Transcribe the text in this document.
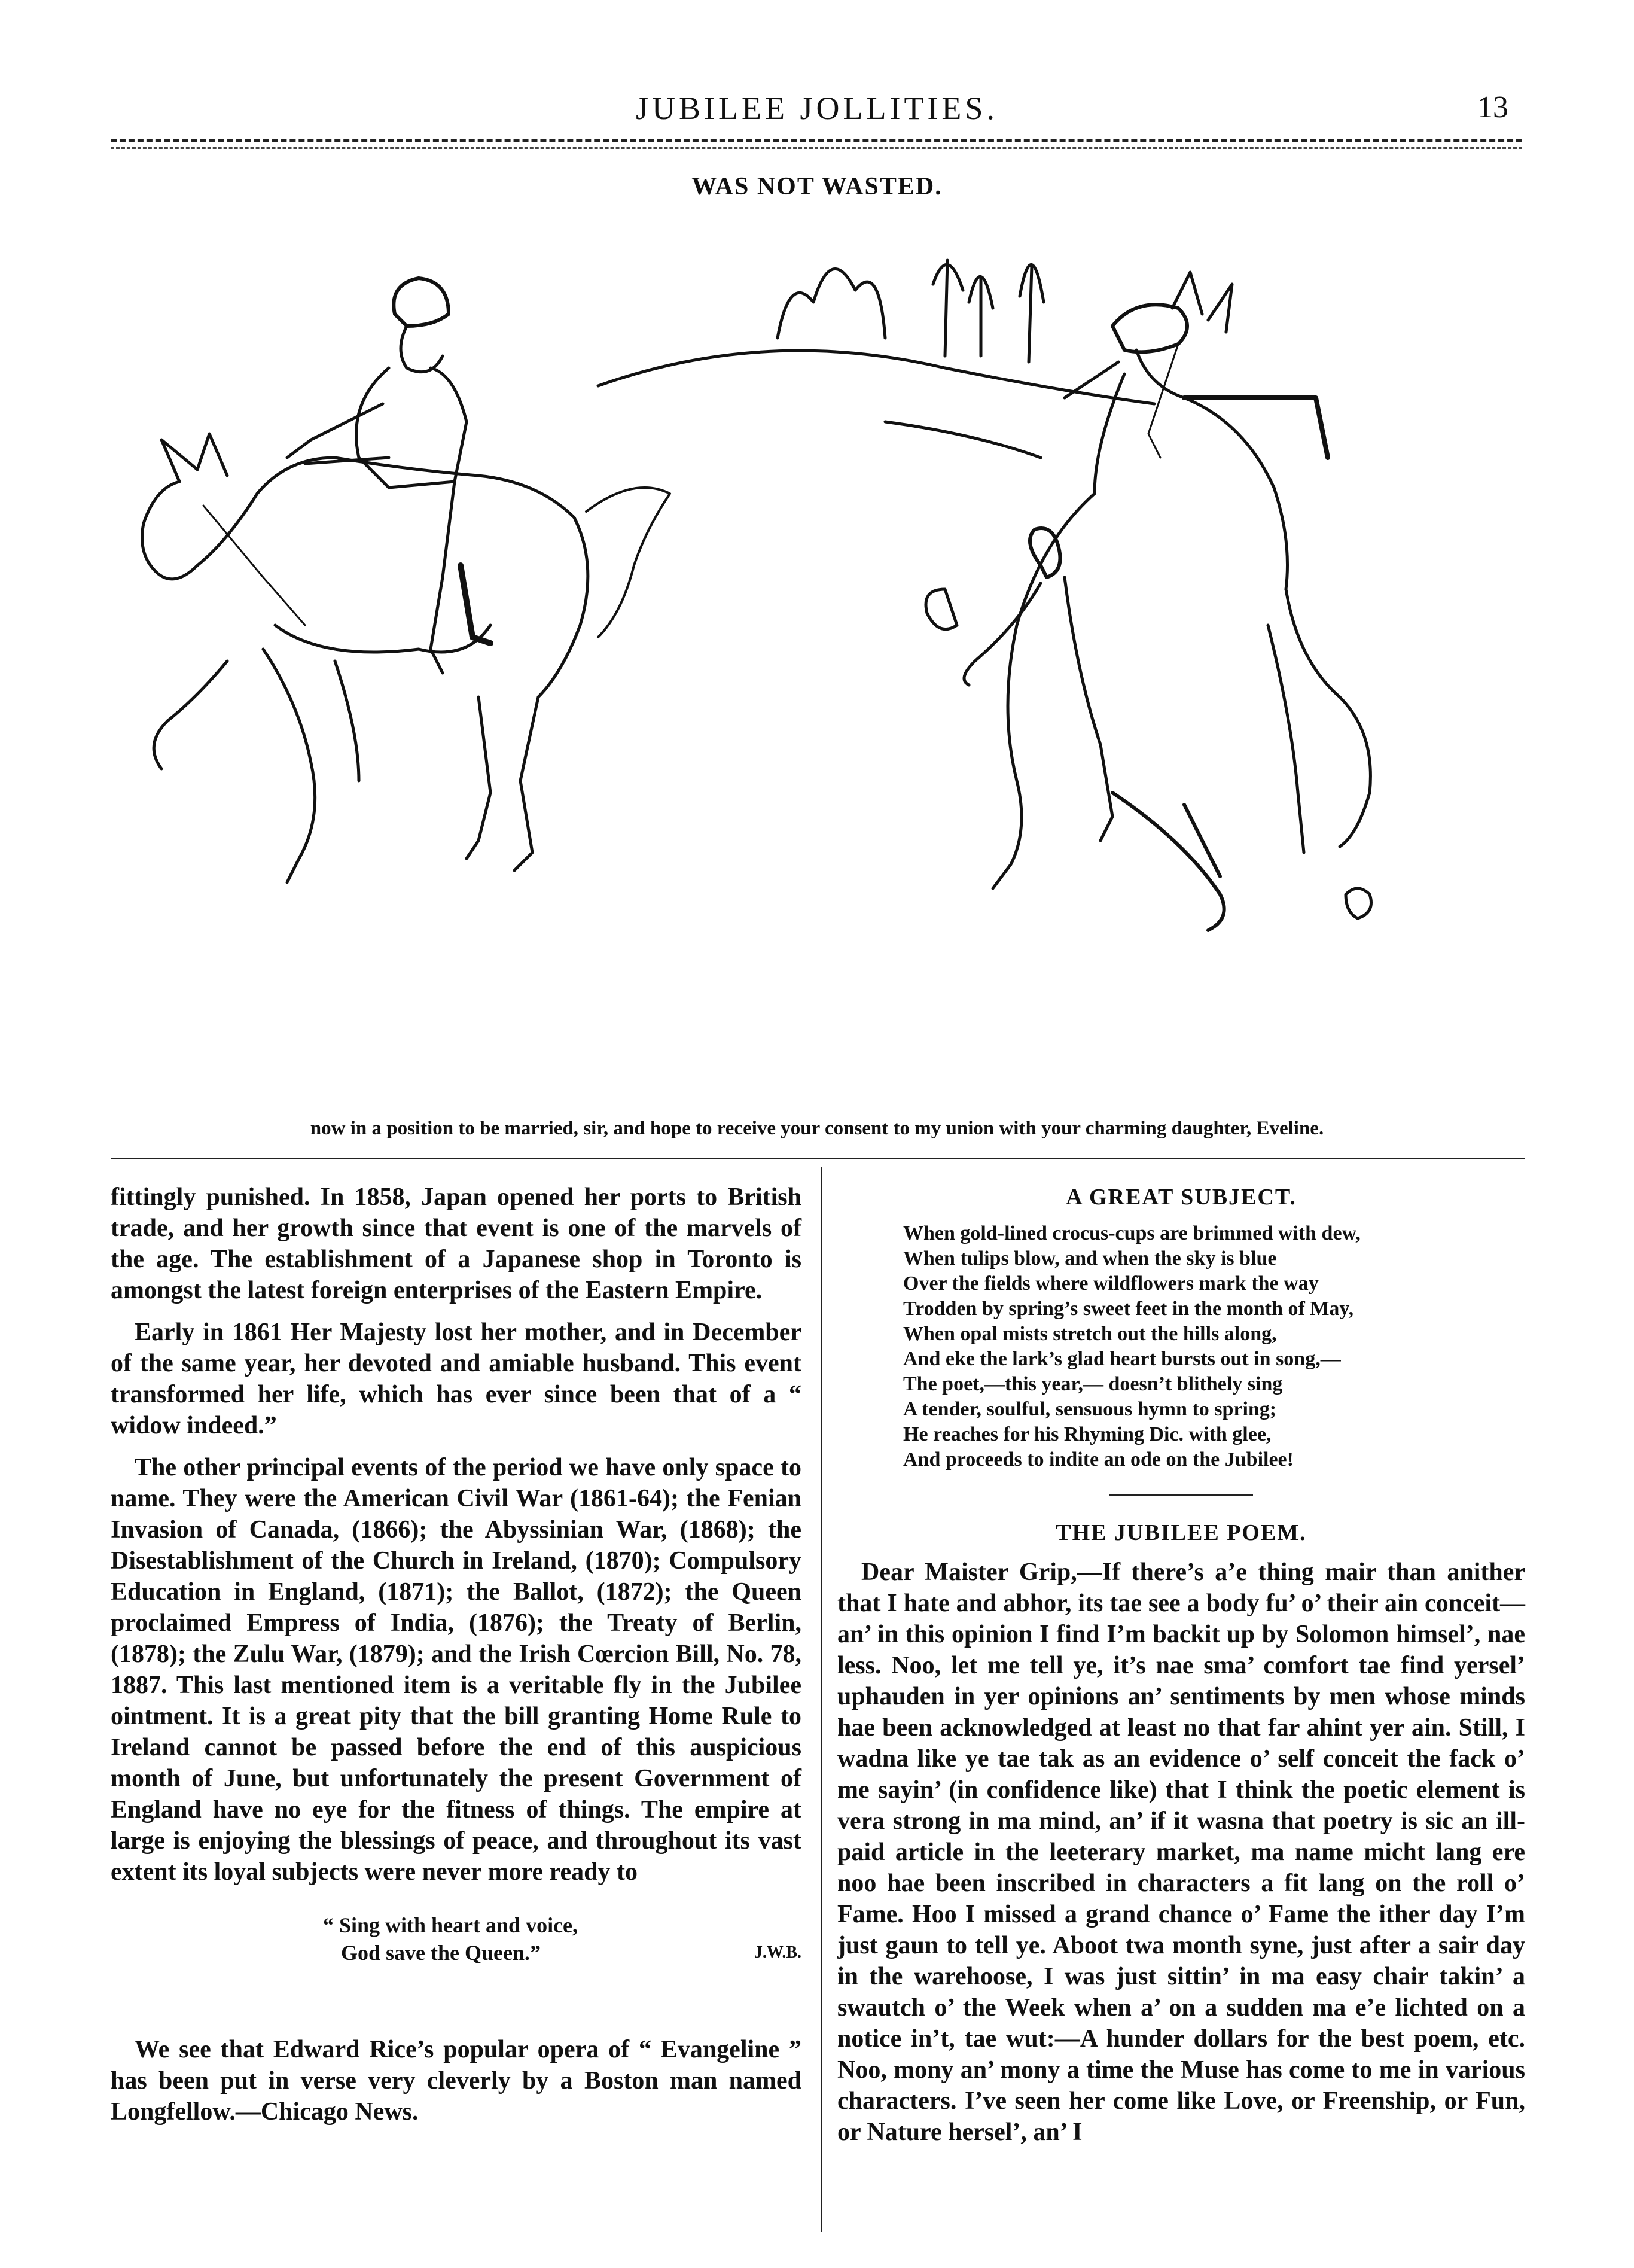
JUBILEE JOLLITIES.	13
WAS NOT WASTED.
now in a position to be married, sir, and hope to receive your consent to my union with your charming daughter, Eveline.

fittingly punished. In 1858, Japan opened her ports to British trade, and her growth since that event is one of the marvels of the age. The establishment of a Japanese shop in Toronto is amongst the latest foreign enterprises of the Eastern Empire.

Early in 1861 Her Majesty lost her mother, and in December of the same year, her devoted and amiable husband. This event transformed her life, which has ever since been that of a “ widow indeed.”

The other principal events of the period we have only space to name. They were the American Civil War (1861-64); the Fenian Invasion of Canada, (1866); the Abyssinian War, (1868); the Disestablishment of the Church in Ireland, (1870); Compulsory Education in England, (1871); the Ballot, (1872); the Queen proclaimed Empress of India, (1876); the Treaty of Berlin, (1878); the Zulu War, (1879); and the Irish Cœrcion Bill, No. 78, 1887. This last mentioned item is a veritable fly in the Jubilee ointment. It is a great pity that the bill granting Home Rule to Ireland cannot be passed before the end of this auspicious month of June, but unfortunately the present Government of England have no eye for the fitness of things. The empire at large is enjoying the blessings of peace, and throughout its vast extent its loyal subjects were never more ready to

“ Sing with heart and voice,
God save the Queen.”	J.W.B.

We see that Edward Rice’s popular opera of “ Evangeline ” has been put in verse very cleverly by a Boston man named Longfellow.—Chicago News.

A GREAT SUBJECT.
When gold-lined crocus-cups are brimmed with dew,
When tulips blow, and when the sky is blue
Over the fields where wildflowers mark the way
Trodden by spring’s sweet feet in the month of May,
When opal mists stretch out the hills along,
And eke the lark’s glad heart bursts out in song,—
The poet,—this year,— doesn’t blithely sing
A tender, soulful, sensuous hymn to spring;
He reaches for his Rhyming Dic. with glee,
And proceeds to indite an ode on the Jubilee!
THE JUBILEE POEM.

Dear Maister Grip,—If there’s a’e thing mair than anither that I hate and abhor, its tae see a body fu’ o’ their ain conceit—an’ in this opinion I find I’m backit up by Solomon himsel’, nae less. Noo, let me tell ye, it’s nae sma’ comfort tae find yersel’ uphauden in yer opinions an’ sentiments by men whose minds hae been acknowledged at least no that far ahint yer ain. Still, I wadna like ye tae tak as an evidence o’ self conceit the fack o’ me sayin’ (in confidence like) that I think the poetic element is vera strong in ma mind, an’ if it wasna that poetry is sic an ill-paid article in the leeterary market, ma name micht lang ere noo hae been inscribed in characters a fit lang on the roll o’ Fame. Hoo I missed a grand chance o’ Fame the ither day I’m just gaun to tell ye. Aboot twa month syne, just after a sair day in the warehoose, I was just sittin’ in ma easy chair takin’ a swautch o’ the Week when a’ on a sudden ma e’e lichted on a notice in’t, tae wut:—A hunder dollars for the best poem, etc. Noo, mony an’ mony a time the Muse has come to me in various characters. I’ve seen her come like Love, or Freenship, or Fun, or Nature hersel’, an’ I
